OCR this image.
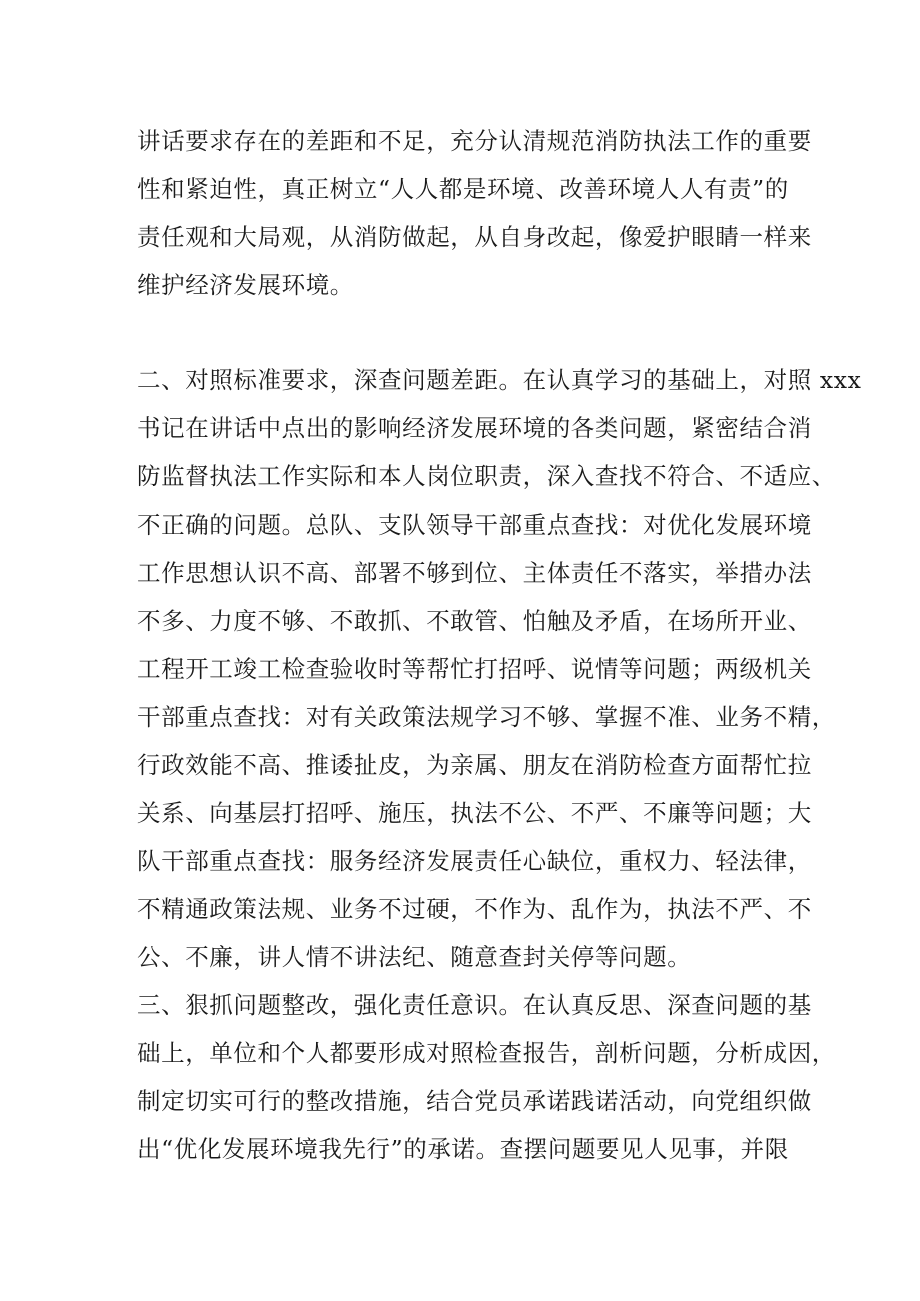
讲话要求存在的差距和不足，充分认清规范消防执法工作的重要
性和紧迫性，真正树立“人人都是环境、改善环境人人有责”的
责任观和大局观，从消防做起，从自身改起，像爱护眼睛一样来
维护经济发展环境。
二、对照标准要求，深查问题差距。在认真学习的基础上，对照 xxx
书记在讲话中点出的影响经济发展环境的各类问题，紧密结合消
防监督执法工作实际和本人岗位职责，深入查找不符合、不适应、
不正确的问题。总队、支队领导干部重点查找：对优化发展环境
工作思想认识不高、部署不够到位、主体责任不落实，举措办法
不多、力度不够、不敢抓、不敢管、怕触及矛盾，在场所开业、
工程开工竣工检查验收时等帮忙打招呼、说情等问题；两级机关
干部重点查找：对有关政策法规学习不够、掌握不准、业务不精，
行政效能不高、推诿扯皮，为亲属、朋友在消防检查方面帮忙拉
关系、向基层打招呼、施压，执法不公、不严、不廉等问题；大
队干部重点查找：服务经济发展责任心缺位，重权力、轻法律，
不精通政策法规、业务不过硬，不作为、乱作为，执法不严、不
公、不廉，讲人情不讲法纪、随意查封关停等问题。
三、狠抓问题整改，强化责任意识。在认真反思、深查问题的基
础上，单位和个人都要形成对照检查报告，剖析问题，分析成因，
制定切实可行的整改措施，结合党员承诺践诺活动，向党组织做
出“优化发展环境我先行”的承诺。查摆问题要见人见事，并限
